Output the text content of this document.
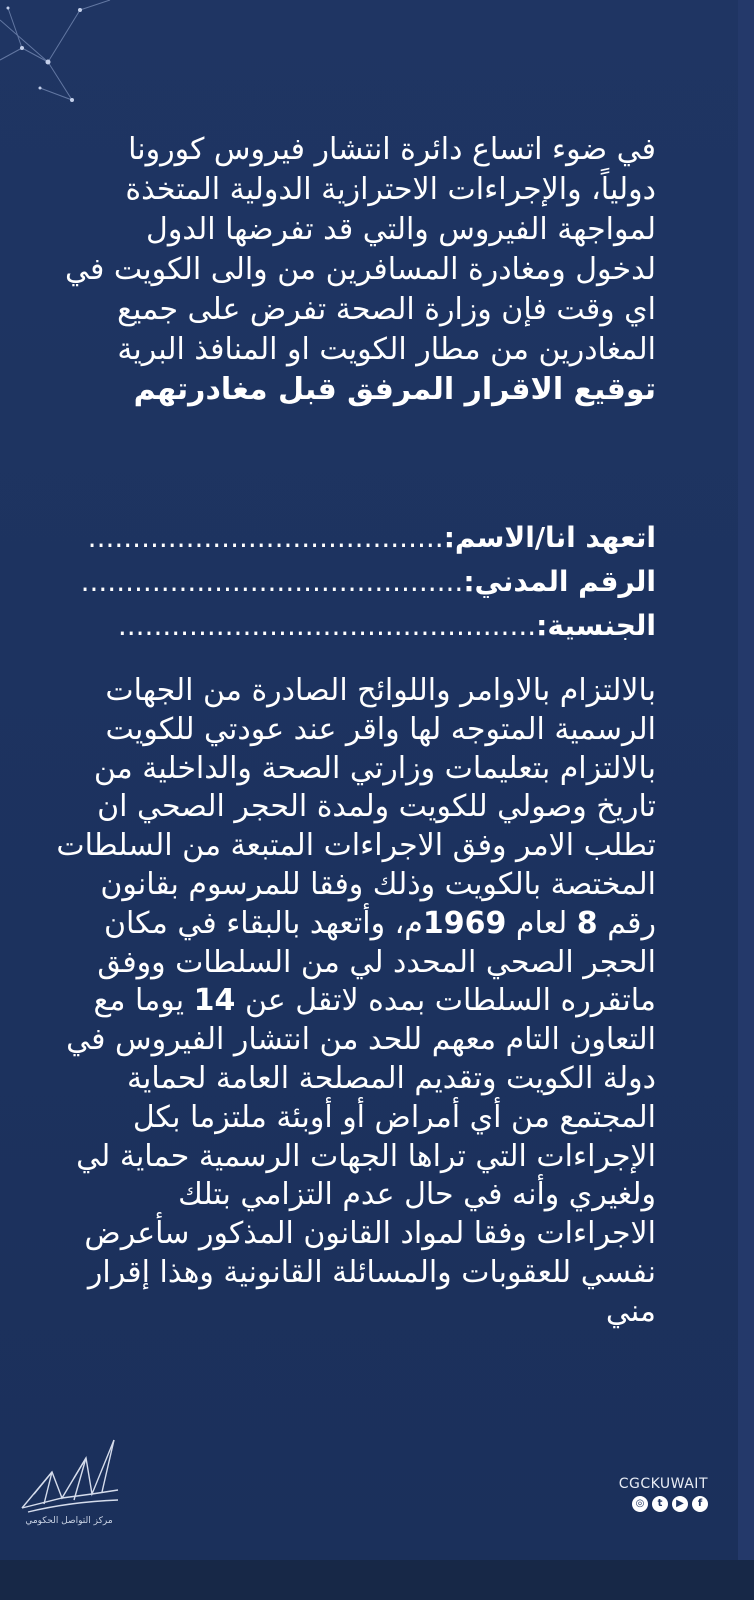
في ضوء اتساع دائرة انتشار فيروس كورونا دولياً، والإجراءات الاحترازية الدولية المتخذة لمواجهة الفيروس والتي قد تفرضها الدول لدخول ومغادرة المسافرين من والى الكويت في اي وقت فإن وزارة الصحة تفرض على جميع المغادرين من مطار الكويت او المنافذ البرية توقيع الاقرار المرفق قبل مغادرتهم

اتعهد انا/الاسم:........................................
الرقم المدني:...........................................
الجنسية:...............................................

بالالتزام بالاوامر واللوائح الصادرة من الجهات الرسمية المتوجه لها واقر عند عودتي للكويت بالالتزام بتعليمات وزارتي الصحة والداخلية من تاريخ وصولي للكويت ولمدة الحجر الصحي ان تطلب الامر وفق الاجراءات المتبعة من السلطات المختصة بالكويت وذلك وفقا للمرسوم بقانون رقم 8 لعام 1969م، وأتعهد بالبقاء في مكان الحجر الصحي المحدد لي من السلطات ووفق ماتقرره السلطات بمده لاتقل عن 14 يوما مع التعاون التام معهم للحد من انتشار الفيروس في دولة الكويت وتقديم المصلحة العامة لحماية المجتمع من أي أمراض أو أوبئة ملتزما بكل الإجراءات التي تراها الجهات الرسمية حماية لي ولغيري وأنه في حال عدم التزامي بتلك الاجراءات وفقا لمواد القانون المذكور سأعرض نفسي للعقوبات والمسائلة القانونية وهذا إقرار مني

مركز التواصل الحكومي
CGCKUWAIT
◎	t	▶	f
